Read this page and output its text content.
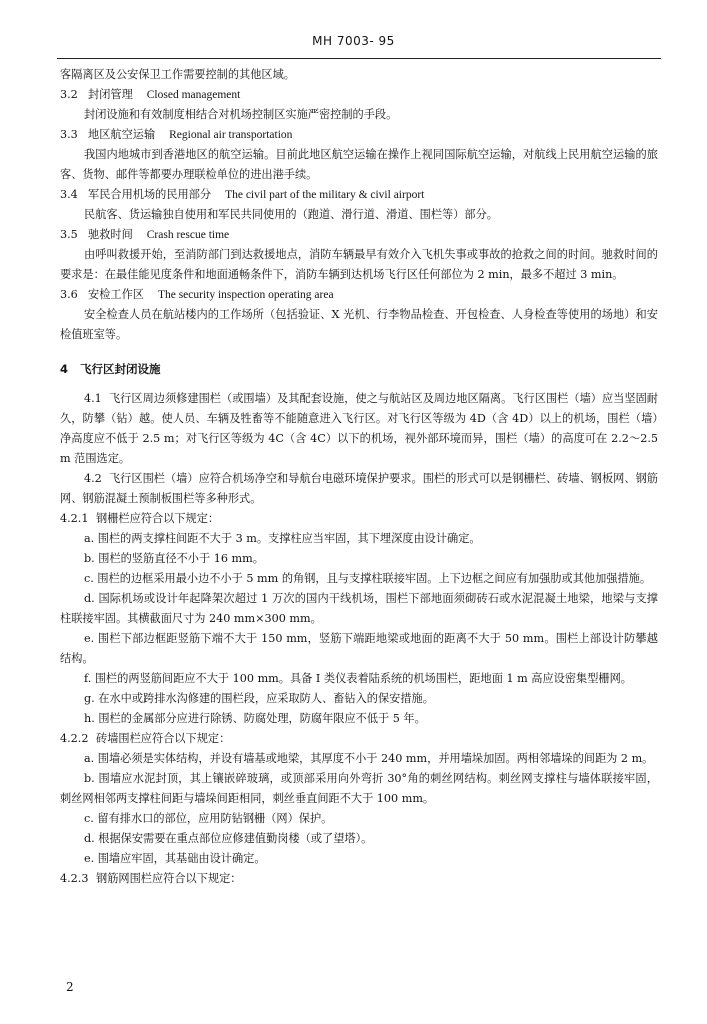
MH 7003- 95
客隔离区及公安保卫工作需要控制的其他区域。
3.2 封闭管理 Closed management
封闭设施和有效制度相结合对机场控制区实施严密控制的手段。
3.3 地区航空运输 Regional air transportation
我国内地城市到香港地区的航空运输。目前此地区航空运输在操作上视同国际航空运输，对航线上民用航空运输的旅客、货物、邮件等都要办理联检单位的进出港手续。
3.4 军民合用机场的民用部分 The civil part of the military & civil airport
民航客、货运输独自使用和军民共同使用的（跑道、滑行道、滑道、围栏等）部分。
3.5 驰救时间 Crash rescue time
由呼叫救援开始，至消防部门到达救援地点，消防车辆最早有效介入飞机失事或事故的抢救之间的时间。驰救时间的要求是：在最佳能见度条件和地面通畅条件下，消防车辆到达机场飞行区任何部位为 2 min，最多不超过 3 min。
3.6 安检工作区 The security inspection operating area
安全检查人员在航站楼内的工作场所（包括验证、X 光机、行李物品检查、开包检查、人身检查等使用的场地）和安检值班室等。
4 飞行区封闭设施
4.1 飞行区周边须修建围栏（或围墙）及其配套设施，使之与航站区及周边地区隔离。飞行区围栏（墙）应当坚固耐久，防攀（钻）越。使人员、车辆及牲畜等不能随意进入飞行区。对飞行区等级为 4D（含 4D）以上的机场，围栏（墙）净高度应不低于 2.5 m；对飞行区等级为 4C（含 4C）以下的机场，视外部环境而异，围栏（墙）的高度可在 2.2～2.5 m 范围选定。
4.2 飞行区围栏（墙）应符合机场净空和导航台电磁环境保护要求。围栏的形式可以是钢栅栏、砖墙、钢板网、钢筋网、钢筋混凝土预制板围栏等多种形式。
4.2.1 钢栅栏应符合以下规定：
a. 围栏的两支撑柱间距不大于 3 m。支撑柱应当牢固，其下埋深度由设计确定。
b. 围栏的竖筋直径不小于 16 mm。
c. 围栏的边框采用最小边不小于 5 mm 的角钢，且与支撑柱联接牢固。上下边框之间应有加强肋或其他加强措施。
d. 国际机场或设计年起降架次超过 1 万次的国内干线机场，围栏下部地面须砌砖石或水泥混凝土地梁，地梁与支撑柱联接牢固。其横截面尺寸为 240 mm×300 mm。
e. 围栏下部边框距竖筋下端不大于 150 mm，竖筋下端距地梁或地面的距离不大于 50 mm。围栏上部设计防攀越结构。
f. 围栏的两竖筋间距应不大于 100 mm。具备 I 类仪表着陆系统的机场围栏，距地面 1 m 高应设密集型栅网。
g. 在水中或跨排水沟修建的围栏段，应采取防人、畜钻入的保安措施。
h. 围栏的金属部分应进行除锈、防腐处理，防腐年限应不低于 5 年。
4.2.2 砖墙围栏应符合以下规定：
a. 围墙必须是实体结构，并设有墙基或地梁，其厚度不小于 240 mm，并用墙垛加固。两相邻墙垛的间距为 2 m。
b. 围墙应水泥封顶，其上镶嵌碎玻璃，或顶部采用向外弯折 30°角的刺丝网结构。刺丝网支撑柱与墙体联接牢固，刺丝网相邻两支撑柱间距与墙垛间距相同，刺丝垂直间距不大于 100 mm。
c. 留有排水口的部位，应用防钻钢栅（网）保护。
d. 根据保安需要在重点部位应修建值勤岗楼（或了望塔）。
e. 围墙应牢固，其基础由设计确定。
4.2.3 钢筋网围栏应符合以下规定：
2
